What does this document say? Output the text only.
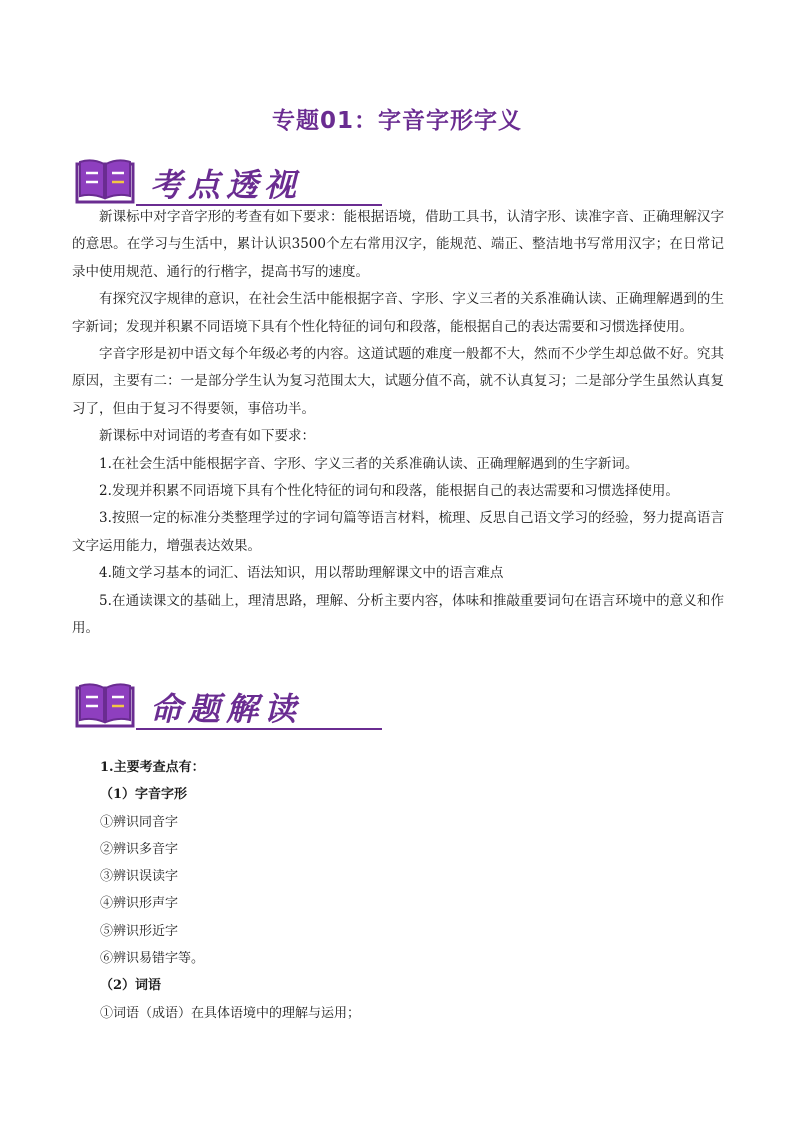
专题01：字音字形字义
考点透视

新课标中对字音字形的考查有如下要求：能根据语境，借助工具书，认清字形、读准字音、正确理解汉字的意思。在学习与生活中，累计认识3500个左右常用汉字，能规范、端正、整洁地书写常用汉字；在日常记录中使用规范、通行的行楷字，提高书写的速度。

有探究汉字规律的意识，在社会生活中能根据字音、字形、字义三者的关系准确认读、正确理解遇到的生字新词；发现并积累不同语境下具有个性化特征的词句和段落，能根据自己的表达需要和习惯选择使用。

字音字形是初中语文每个年级必考的内容。这道试题的难度一般都不大，然而不少学生却总做不好。究其原因，主要有二：一是部分学生认为复习范围太大，试题分值不高，就不认真复习；二是部分学生虽然认真复习了，但由于复习不得要领，事倍功半。

新课标中对词语的考查有如下要求：

1.在社会生活中能根据字音、字形、字义三者的关系准确认读、正确理解遇到的生字新词。

2.发现并积累不同语境下具有个性化特征的词句和段落，能根据自己的表达需要和习惯选择使用。

3.按照一定的标准分类整理学过的字词句篇等语言材料，梳理、反思自己语文学习的经验，努力提高语言文字运用能力，增强表达效果。

4.随文学习基本的词汇、语法知识，用以帮助理解课文中的语言难点

5.在通读课文的基础上，理清思路，理解、分析主要内容，体味和推敲重要词句在语言环境中的意义和作用。

命题解读

1.主要考查点有：

（1）字音字形

①辨识同音字

②辨识多音字

③辨识误读字

④辨识形声字

⑤辨识形近字

⑥辨识易错字等。

（2）词语

①词语（成语）在具体语境中的理解与运用；
